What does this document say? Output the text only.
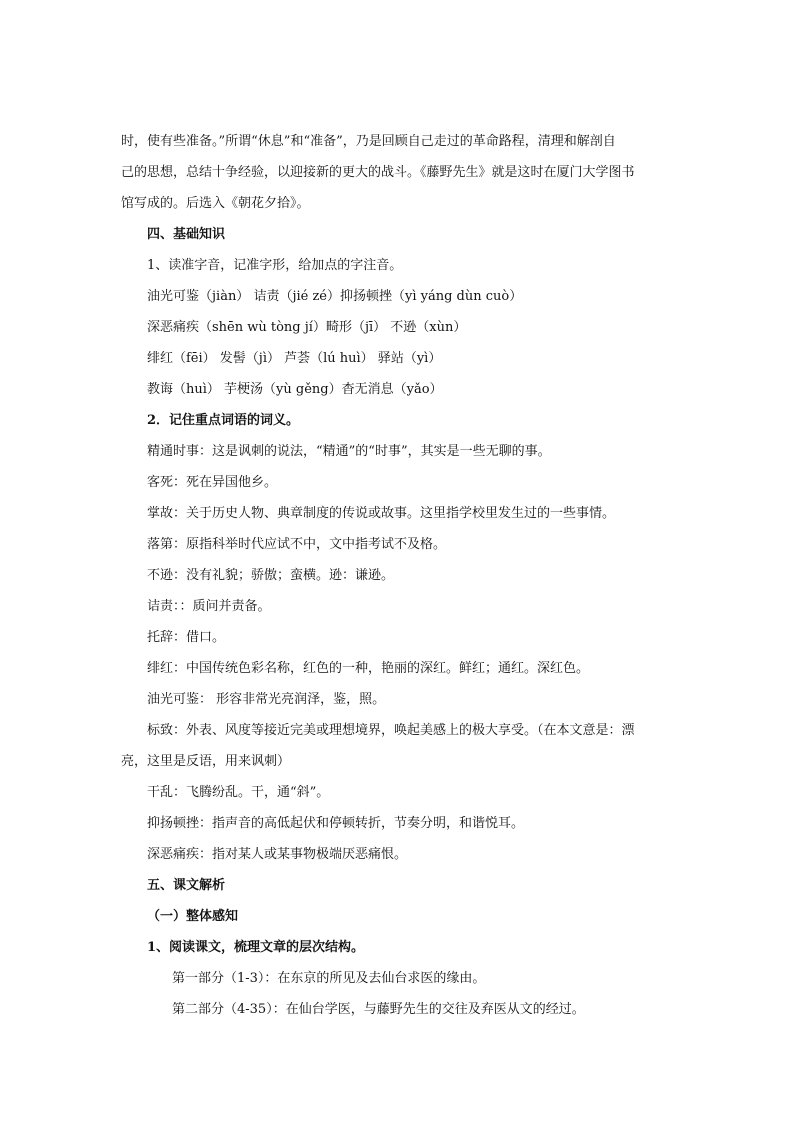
时，使有些准备。”所谓“休息”和“准备”，乃是回顾自己走过的革命路程，清理和解剖自
己的思想，总结十争经验，以迎接新的更大的战斗。《藤野先生》就是这时在厦门大学图书
馆写成的。后选入《朝花夕拾》。
四、基础知识
1、读准字音，记准字形，给加点的字注音。
油光可鉴（jiàn） 诘责（jié zé）抑扬顿挫（yì yáng dùn cuò）
深恶痛疾（shēn wù tòng jí）畸形（jī） 不逊（xùn）
绯红（fēi） 发髻（jì） 芦荟（lú huì） 驿站（yì）
教诲（huì） 芋梗汤（yù gěng）杳无消息（yǎo）
2．记住重点词语的词义。
精通时事：这是讽刺的说法，“精通”的“时事”，其实是一些无聊的事。
客死：死在异国他乡。
掌故：关于历史人物、典章制度的传说或故事。这里指学校里发生过的一些事情。
落第：原指科举时代应试不中，文中指考试不及格。
不逊：没有礼貌；骄傲；蛮横。逊：谦逊。
诘责：：质问并责备。
托辞：借口。
绯红：中国传统色彩名称，红色的一种，艳丽的深红。鲜红；通红。深红色。
油光可鉴： 形容非常光亮润泽，鉴，照。
标致：外表、风度等接近完美或理想境界，唤起美感上的极大享受。（在本文意是：漂
亮，这里是反语，用来讽刺）
干乱：飞腾纷乱。干，通“斜”。
抑扬顿挫：指声音的高低起伏和停顿转折，节奏分明，和谐悦耳。
深恶痛疾：指对某人或某事物极端厌恶痛恨。
五、课文解析
（一）整体感知
1、阅读课文，梳理文章的层次结构。
第一部分（1-3）：在东京的所见及去仙台求医的缘由。
第二部分（4-35）：在仙台学医，与藤野先生的交往及弃医从文的经过。
